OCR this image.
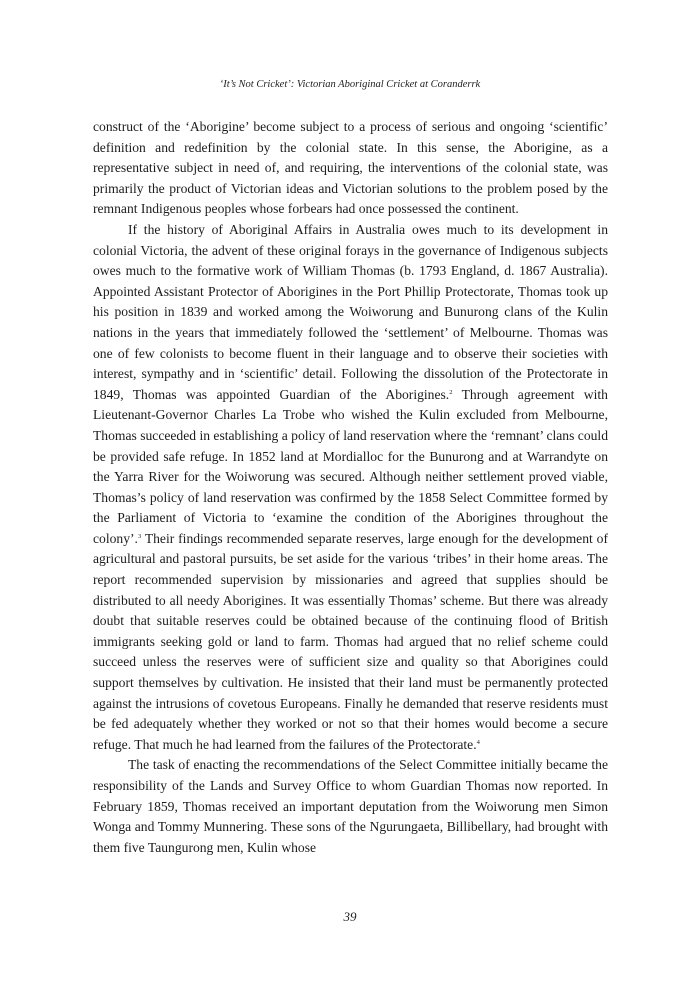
‘It’s Not Cricket’: Victorian Aboriginal Cricket at Coranderrk

construct of the ‘Aborigine’ become subject to a process of serious and ongoing ‘scientific’ definition and redefinition by the colonial state. In this sense, the Aborigine, as a representative subject in need of, and requiring, the interventions of the colonial state, was primarily the product of Victorian ideas and Victorian solutions to the problem posed by the remnant Indigenous peoples whose forbears had once possessed the continent.

If the history of Aboriginal Affairs in Australia owes much to its development in colonial Victoria, the advent of these original forays in the governance of Indigenous subjects owes much to the formative work of William Thomas (b. 1793 England, d. 1867 Australia). Appointed Assistant Protector of Aborigines in the Port Phillip Protectorate, Thomas took up his position in 1839 and worked among the Woiworung and Bunurong clans of the Kulin nations in the years that immediately followed the ‘settlement’ of Melbourne. Thomas was one of few colonists to become fluent in their language and to observe their societies with interest, sympathy and in ‘scientific’ detail. Following the dissolution of the Protectorate in 1849, Thomas was appointed Guardian of the Aborigines.$^2$ Through agreement with Lieutenant-Governor Charles La Trobe who wished the Kulin excluded from Melbourne, Thomas succeeded in establishing a policy of land reservation where the ‘remnant’ clans could be provided safe refuge. In 1852 land at Mordialloc for the Bunurong and at Warrandyte on the Yarra River for the Woiworung was secured. Although neither settlement proved viable, Thomas’s policy of land reservation was confirmed by the 1858 Select Committee formed by the Parliament of Victoria to ‘examine the condition of the Aborigines throughout the colony’.$^3$ Their findings recommended separate reserves, large enough for the development of agricultural and pastoral pursuits, be set aside for the various ‘tribes’ in their home areas. The report recommended supervision by missionaries and agreed that supplies should be distributed to all needy Aborigines. It was essentially Thomas’ scheme. But there was already doubt that suitable reserves could be obtained because of the continuing flood of British immigrants seeking gold or land to farm. Thomas had argued that no relief scheme could succeed unless the reserves were of sufficient size and quality so that Aborigines could support themselves by cultivation. He insisted that their land must be permanently protected against the intrusions of covetous Europeans. Finally he demanded that reserve residents must be fed adequately whether they worked or not so that their homes would become a secure refuge. That much he had learned from the failures of the Protectorate.$^4$

The task of enacting the recommendations of the Select Committee initially became the responsibility of the Lands and Survey Office to whom Guardian Thomas now reported. In February 1859, Thomas received an important deputation from the Woiworung men Simon Wonga and Tommy Munnering. These sons of the Ngurungaeta, Billibellary, had brought with them five Taungurong men, Kulin whose

39
